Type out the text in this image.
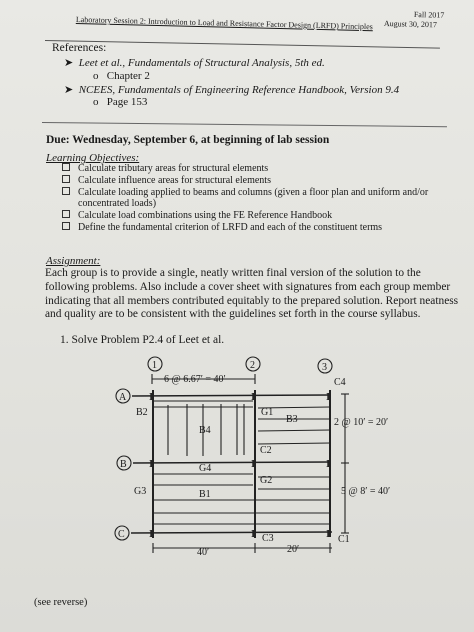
Fall 2017
August 30, 2017
Laboratory Session 2: Introduction to Load and Resistance Factor Design (LRFD) Principles
References:
➤ Leet et al., Fundamentals of Structural Analysis, 5th ed.
o Chapter 2
➤ NCEES, Fundamentals of Engineering Reference Handbook, Version 9.4
o Page 153
Due: Wednesday, September 6, at beginning of lab session
Learning Objectives:
Calculate tributary areas for structural elements
Calculate influence areas for structural elements
Calculate loading applied to beams and columns (given a floor plan and uniform and/or
concentrated loads)
Calculate load combinations using the FE Reference Handbook
Define the fundamental criterion of LRFD and each of the constituent terms
Assignment:
Each group is to provide a single, neatly written final version of the solution to the following problems. Also include a cover sheet with signatures from each group member indicating that all members contributed equitably to the prepared solution. Report neatness and quality are to be consistent with the guidelines set forth in the course syllabus.
1. Solve Problem P2.4 of Leet et al.
I	I	I
I	I	I
I	I	I
1	2	3
A
B
C
6 @ 6.67′ = 40′
2 @ 10′ = 20′
5 @ 8′ = 40′
40′	20′
C4
B2	G1
B3
B4
C2
G4
G2
G3	B1
C3	C1
(see reverse)
